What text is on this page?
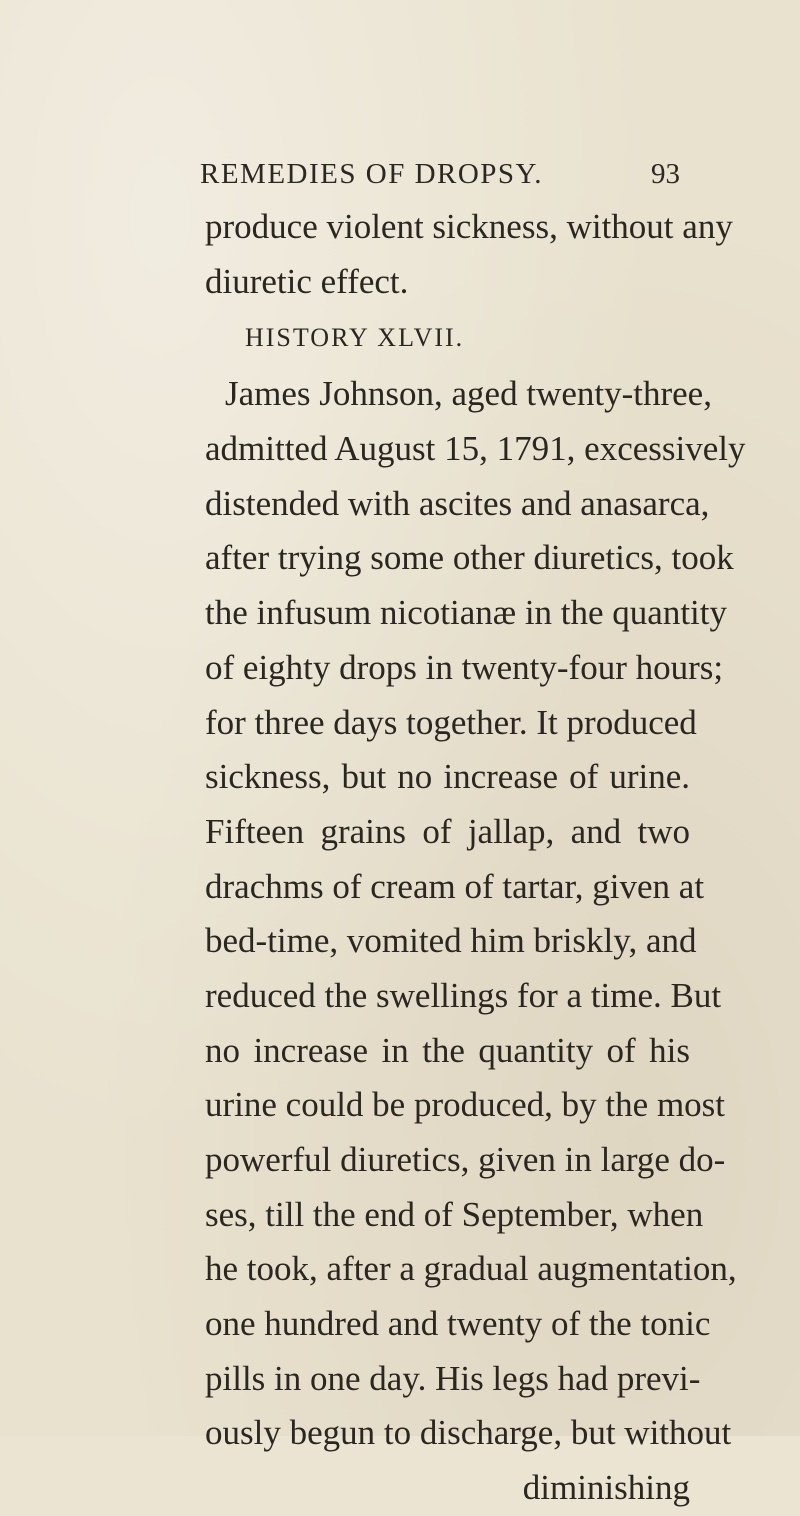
REMEDIES OF DROPSY.	93
produce violent sickness, without any
diuretic effect.
HISTORY XLVII.
James Johnson, aged twenty-three,
admitted August 15, 1791, excessively
distended with ascites and anasarca,
after trying some other diuretics, took
the infusum nicotianæ in the quantity
of eighty drops in twenty-four hours;
for three days together. It produced
sickness, but no increase of urine.
Fifteen grains of jallap, and two
drachms of cream of tartar, given at
bed-time, vomited him briskly, and
reduced the swellings for a time. But
no increase in the quantity of his
urine could be produced, by the most
powerful diuretics, given in large do-
ses, till the end of September, when
he took, after a gradual augmentation,
one hundred and twenty of the tonic
pills in one day. His legs had previ-
ously begun to discharge, but without
diminishing
